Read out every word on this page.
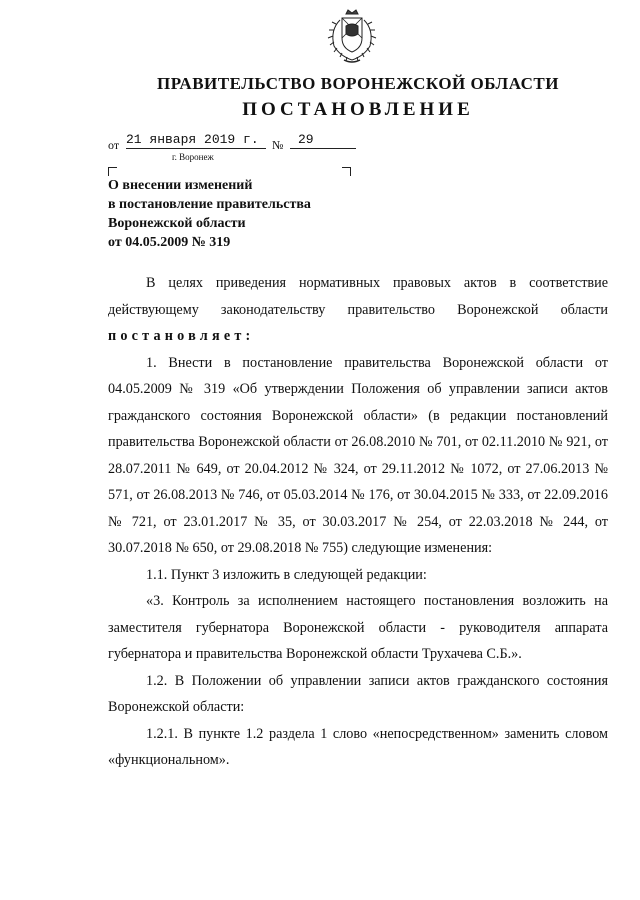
ПРАВИТЕЛЬСТВО ВОРОНЕЖСКОЙ ОБЛАСТИ
ПОСТАНОВЛЕНИЕ
от 21 января 2019 г.	№	29
г. Воронеж
О внесении изменений
в постановление правительства
Воронежской области
от 04.05.2009 № 319

В целях приведения нормативных правовых актов в соответствие

действующему законодательству правительство Воронежской области

постановляет:

1. Внести в постановление правительства Воронежской области от 04.05.2009 № 319 «Об утверждении Положения об управлении записи актов гражданского состояния Воронежской области» (в редакции постановлений правительства Воронежской области от 26.08.2010 № 701, от 02.11.2010 № 921, от 28.07.2011 № 649, от 20.04.2012 № 324, от 29.11.2012 № 1072, от 27.06.2013 № 571, от 26.08.2013 № 746, от 05.03.2014 № 176, от 30.04.2015 № 333, от 22.09.2016 № 721, от 23.01.2017 № 35, от 30.03.2017 № 254, от 22.03.2018 № 244, от 30.07.2018 № 650, от 29.08.2018 № 755) следующие изменения:

1.1. Пункт 3 изложить в следующей редакции:

«3. Контроль за исполнением настоящего постановления возложить на заместителя губернатора Воронежской области - руководителя аппарата губернатора и правительства Воронежской области Трухачева С.Б.».

1.2. В Положении об управлении записи актов гражданского состояния Воронежской области:

1.2.1. В пункте 1.2 раздела 1 слово «непосредственном» заменить словом «функциональном».
